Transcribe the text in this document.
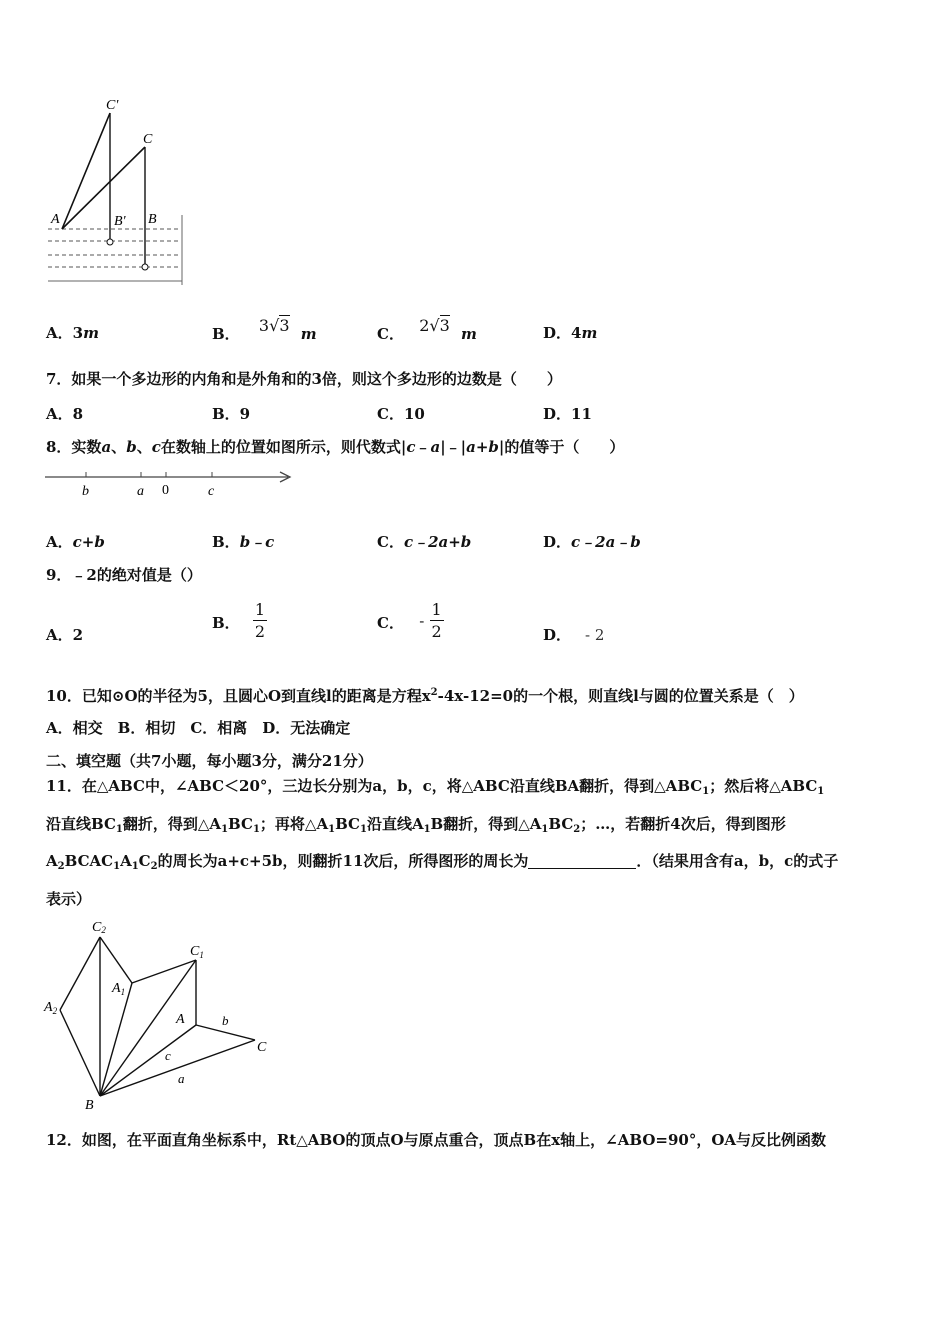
C'
C
A	B' B
A．3m	B． 3√3 m	C． 2√3 m	D．4m
7．如果一个多边形的内角和是外角和的3倍，则这个多边形的边数是（　　）
A．8	B．9	C．10	D．11
8．实数a、b、c在数轴上的位置如图所示，则代数式|c﹣a|﹣|a+b|的值等于（　　）
b	a 0	c
A．c+b	B．b﹣c	C．c﹣2a+b	D．c﹣2a﹣b
9．﹣2的绝对值是（）
A．2
B． $\frac{1}{2}$	C． - $\frac{1}{2}$	D． - 2
10．已知⊙O的半径为5，且圆心O到直线l的距离是方程$x^2-4x-12=0$的一个根，则直线l与圆的位置关系是（　）
A．相交　B．相切　C．相离　D．无法确定
二、填空题（共7小题，每小题3分，满分21分）
11．在△ABC中，∠ABC＜20°，三边长分别为a，b，c，将△ABC沿直线BA翻折，得到$\triangle ABC_1$；然后将$\triangle ABC_1$
沿直线$BC_1$翻折，得到$\triangle A_1BC_1$；再将$\triangle A_1BC_1$沿直线$A_1B$翻折，得到$\triangle A_1BC_2$；…，若翻折4次后，得到图形
$A_2BCAC_1A_1C_2$的周长为a+c+5b，则翻折11次后，所得图形的周长为	．（结果用含有a，b，c的式子
表示）
C2
$A_2$
$C_1$
$A_1$
A	b
C
c
a
B
12．如图，在平面直角坐标系中，Rt△ABO的顶点O与原点重合，顶点B在x轴上，∠ABO=90°，OA与反比例函数
